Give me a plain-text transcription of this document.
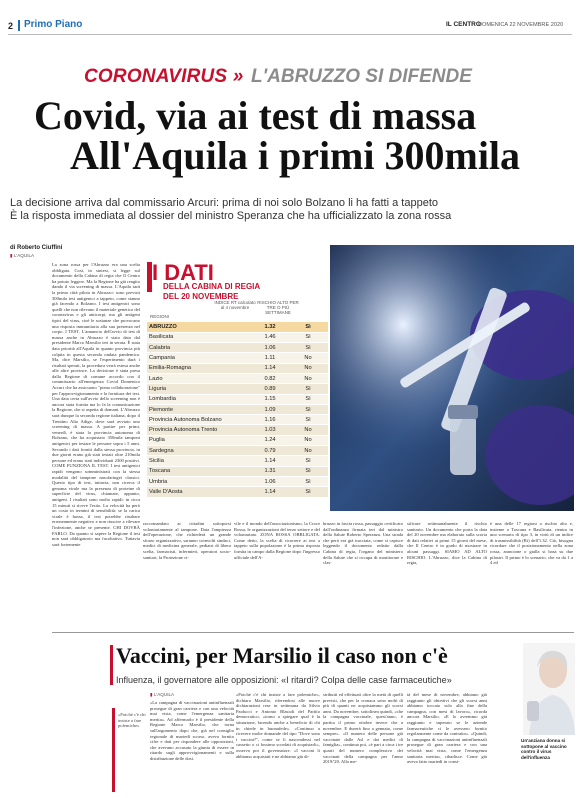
2 Primo Piano	IL CENTRO
DOMENICA 22 NOVEMBRE 2020
CORONAVIRUS » L'ABRUZZO SI DIFENDE
Covid, via ai test di massa
All'Aquila i primi 300mila
La decisione arriva dal commissario Arcuri: prima di noi solo Bolzano li ha fatti a tappeto
È la risposta immediata al dossier del ministro Speranza che ha ufficializzato la zona rossa
di Roberto Ciuffini
▮ L'AQUILA
La zona rossa per l'Abruzzo era una scelta obbligata. Così, in sintesi, si legge sul documento della Cabina di regia che Il Centro ha potuto leggere. Ma la Regione ha già reagito dando il via screening di massa. L'Aquila sarà la prima città pilota in Abruzzo: sono previsti 300mila test antigenici a tappeto, come stanno già facendo a Bolzano. I test antigenici sono quelli che non rilevano il materiale genetico del coronavirus e gli anticorpi, ma gli antigeni tipici del virus, cioè le sostanze che provocano una risposta immunitaria alla sua presenza nel corpo. I TEST. L'annuncio dell'avvio di test di massa anche in Abruzzo è stato dato dal presidente Marco Marsilio ieri in serata. È stata data priorità all'Aquila in quanto provincia più colpita in questa seconda ondata pandemica. Ma, dice Marsilio, se l'esperimento darà i risultati sperati, la procedura verrà estesa anche alle altre province. La decisione è stata presa dalla Regione di comune accordo con il commissario all'emergenza Covid Domenico Arcuri che ha assicurato "piena collaborazione" per l'approvvigionamento e la fornitura dei test. Una data certa sull'avvio dello screening non è ancora stata fornita ma lo fa la comunicazione la Regione, che si aspetta di domani. L'Abruzzo sarà dunque la seconda regione italiana, dopo il Trentino Alto Adige, dove sarà avviato uno screening di massa. A partire per primi, venerdì, è stata la provincia autonoma di Bolzano, che ha acquistato 350mila tamponi antigenici per testare le persone sopra i 5 anni. Secondo i dati forniti dalla stessa provincia, in due giorni erano già stati testati oltre 210mila persone ed erano stati individuati 2300 positivi. COME FUNZIONA IL TEST. I test antigenici rapidi vengono somministrati con la stessa modalità del tampone nasofaringei classici. Questo tipo di test, tuttavia, non ricerca il genoma virale ma la presenza di proteine di superficie del virus, chiamate, appunto, antigeni. I risultati sono molto rapidi: in circa 15 minuti si riceve l'esito. La velocità ha però un costo in termini di sensibilità: se la carica virale è bassa, il test potrebbe risultare erroneamente negativo e non riuscire a rilevare l'infezione, anche se presente. CHI DOVRÀ FARLO. Da quanto si sapere la Regione il test non sarà obbligatorio ma facoltativo. Tuttavia sarà fortemente
I DATI
DELLA CABINA DI REGIA
DEL 20 NOVEMBRE
REGIONI
INDICE RT calcolato al 4 novembre
RISCHIO ALTO PER TRE O PIÙ SETTIMANE
ABRUZZO	1.32	Sì
Basilicata	1.46	Sì
Calabria	1.06	Sì
Campania	1.11	No
Emilia-Romagna	1.14	No
Lazio	0.82	No
Liguria	0.89	Sì
Lombardia	1.15	Sì
Piemonte	1.09	Sì
Provincia Autonoma Bolzano	1.16	Sì
Provincia Autonoma Trento	1.03	No
Puglia	1.24	No
Sardegna	0.79	No
Sicilia	1.14	Sì
Toscana	1.31	Sì
Umbria	1.06	Sì
Valle D'Aosta	1.14	Sì
raccomandato ai cittadini sottoporsi volontariamente al tampone. Data l'ampiezza dell'operazione, che richiederà un grande sforzo organizzativo, saranno coinvolti sindaci, medici di medicina generale, pediatri di libera scelta, farmacisti, infermieri, operatori socio-sanitari, la Protezione ci-
vile e il mondo dell'associazionismo, la Croce Rossa, le organizzazioni del terzo settore e del volontariato. ZONA ROSSA OBBLIGATA. Come detto, la scelta di ricorrere ai test a tappeto sulla popolazione è la prima risposta fornita in campo dalla Regione dopo l'ingresso ufficiale dell'A-
bruzzo in fascia rossa, passaggio certificato dall'ordinanza firmata ieri dal ministro della Salute Roberto Speranza. Una strada che però era già tracciata, come si capisce leggendo il documento redatto dalla Cabina di regia, l'organo del ministero della Salute che si occupa di monitorare e clas-
sificare settimanalmente il rischio sanitario. Un documento che porta la data del 20 novembre ma elaborato sulla scorta di dati relativi ai primi 15 giorni del mese, che Il Centro è in grado di mostrare in alcuni passaggi. SIAMO AD ALTO RISCHIO. L'Abruzzo, dice la Cabina di regia,
è una delle 17 regioni a rischio alto e, insieme a Toscana e Basilicata, rientra in uno scenario di tipo 3, in virtù di un indice di trasmissibilità (Rt) dell'1.32. Ciò, bisogna ricordare che il posizionamento nella zona rossa, arancione o gialla si basa su due pilastri. Il primo è lo scenario, che va da 1 a 4 ed
Vaccini, per Marsilio il caso non c'è
Influenza, il governatore alle opposizioni: «I ritardi? Colpa delle case farmaceutiche»
▮ L'AQUILA
«Poiché c'è chi insiste a fare polemiche»
«La campagna di vaccinazioni antinfluenzali prosegue di gran carriera e con una velocità mai vista, come l'emergenza sanitaria merita». Ad affermarlo è il presidente della Regione Marco Marsilio, che torna sull'argomento dopo che, già nel consiglio regionale di martedì scorso, aveva fornito cifre e dati per rispondere alle opposizioni, che avevano accusato la giunta di essere in ritardo sugli approvvigionamenti e sulla distribuzione delle dosi.
«Poiché c'è chi insiste a fare polemiche», dichiara Marsilio, riferendosi alle nuove dichiarazioni rese in settimana da Silvio Paolucci e Antonio Blasioli del Partito democratico, «torno a spiegare qual è la situazione, facendo anche a beneficio di chi in chiede in buonafede». «Continuo a ricevere molte domande del tipo "Dove sono i vaccini?", come se li nascondessi nel cassetto o ci fossimo scordati di acquistarli», osserva poi il governatore. «I vaccini li abbiamo acquistati e ne abbiamo già di-
stribuiti ed effettuati oltre la metà di quelli previsti, che per la cronaca sono molti di più di quanti ne acquistammo gli scorsi anni. Da novembre, sottolinea quindi, «che la campagna vaccinale, quest'anno, è partita il primo ottobre invece che a novembre. E durerà fino a gennaio, come sempre». «Il numero delle persone già vaccinate dalle Asl e dai medici di famiglia», continua poi, «è pari a circa i tre quarti del numero complessivo dei vaccinati della campagna per l'anno 2019/'20. Alla me-
tà del mese di novembre, abbiamo già raggiunto gli obiettivi che gli scorsi anni abbiamo toccato solo alla fine della campagna, con mesi di lavoro», ricorda ancora Marsilio. «E lo avremmo già raggiunto e superato se le aziende farmaceutiche ci le avessero fornito regolarmente come da contratto». «Quindi, la campagna di vaccinazioni antinfluenzali prosegue di gran carriera e con una velocità mai vista, come l'emergenza sanitaria merita», ribadisce. Come già aveva fatto martedì in consi-
Un'anziana donna si sottopone al vaccino contro il virus dell'influenza
